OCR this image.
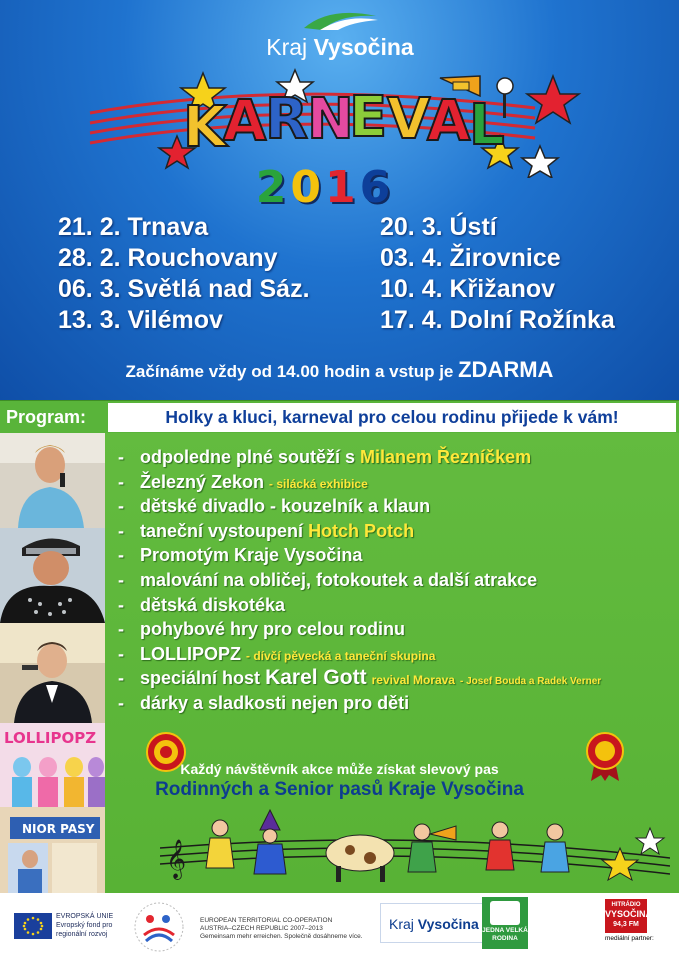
Kraj Vysočina
K
A
R
N
E V
A
L
2016
21. 2. Trnava
28. 2. Rouchovany
06. 3. Světlá nad Sáz.
13. 3. Vilémov
20. 3. Ústí
03. 4. Žirovnice
10. 4. Křižanov
17. 4. Dolní Rožínka
Začínáme vždy od 14.00 hodin a vstup je ZDARMA
Program:	Holky a kluci, karneval pro celou rodinu přijede k vám!
LOLLIPOPZ
NIOR PASY
- odpoledne plné soutěží s Milanem Řezníčkem
- Železný Zekon - silácká exhibice
- dětské divadlo - kouzelník a klaun
- taneční vystoupení Hotch Potch
- Promotým Kraje Vysočina
- malování na obličej, fotokoutek a další atrakce
- dětská diskotéka
- pohybové hry pro celou rodinu
- LOLLIPOPZ - dívčí pěvecká a taneční skupina
- speciální host Karel Gott revival Morava - Josef Bouda a Radek Verner
- dárky a sladkosti nejen pro děti
Každý návštěvník akce může získat slevový pas
Rodinných a Senior pasů Kraje Vysočina
𝄞
EVROPSKÁ UNIE
Evropský fond pro
regionální rozvoj
EUROPEAN TERRITORIAL CO-OPERATION
AUSTRIA–CZECH REPUBLIC 2007–2013
Gemeinsam mehr erreichen. Společně dosáhneme více.
Kraj Vysočina JEDNA VELKÁ
RODINA
HITRÁDIO
VYSOČINA
94,3 FM
mediální partner:
